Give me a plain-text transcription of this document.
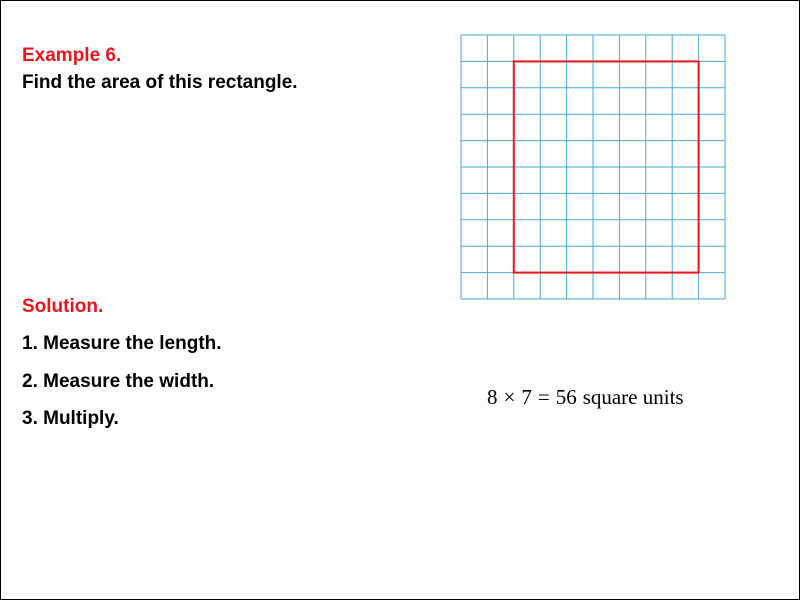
Example 6.
Find the area of this rectangle.
Solution.
1. Measure the length.
2. Measure the width.
3. Multiply.
8 × 7 = 56 square units
